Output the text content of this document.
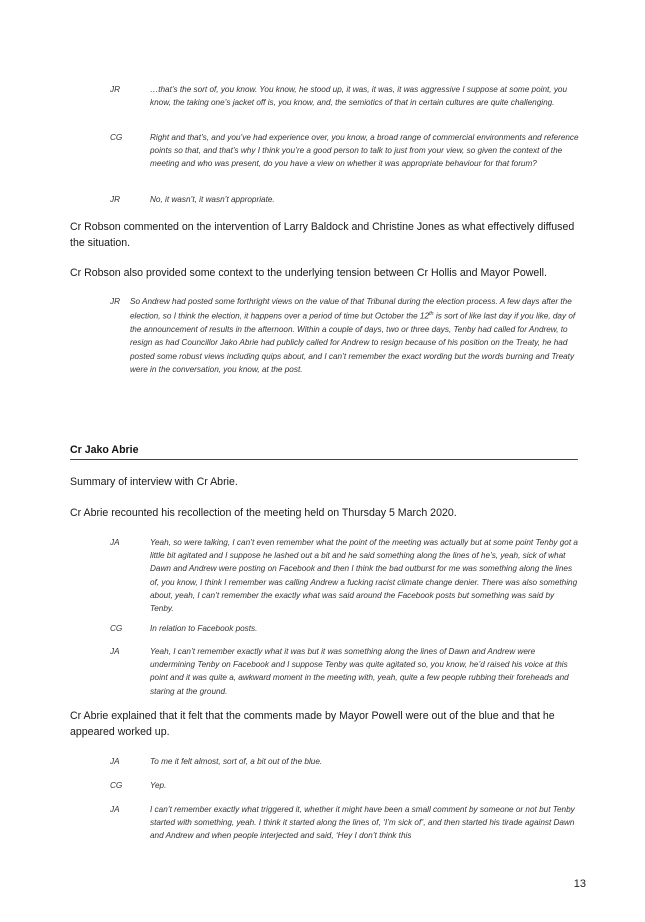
JR	…that’s the sort of, you know. You know, he stood up, it was, it was, it was aggressive I suppose at some point, you know, the taking one’s jacket off is, you know, and, the semiotics of that in certain cultures are quite challenging.
CG	Right and that’s, and you’ve had experience over, you know, a broad range of commercial environments and reference points so that, and that’s why I think you’re a good person to talk to just from your view, so given the context of the meeting and who was present, do you have a view on whether it was appropriate behaviour for that forum?
JR	No, it wasn’t, it wasn’t appropriate.
Cr Robson commented on the intervention of Larry Baldock and Christine Jones as what effectively diffused the situation.
Cr Robson also provided some context to the underlying tension between Cr Hollis and Mayor Powell.
JR	So Andrew had posted some forthright views on the value of that Tribunal during the election process. A few days after the election, so I think the election, it happens over a period of time but October the 12th is sort of like last day if you like, day of the announcement of results in the afternoon. Within a couple of days, two or three days, Tenby had called for Andrew, to resign as had Councillor Jako Abrie had publicly called for Andrew to resign because of his position on the Treaty, he had posted some robust views including quips about, and I can’t remember the exact wording but the words burning and Treaty were in the conversation, you know, at the post.
Cr Jako Abrie
Summary of interview with Cr Abrie.
Cr Abrie recounted his recollection of the meeting held on Thursday 5 March 2020.
JA	Yeah, so were talking, I can’t even remember what the point of the meeting was actually but at some point Tenby got a little bit agitated and I suppose he lashed out a bit and he said something along the lines of he’s, yeah, sick of what Dawn and Andrew were posting on Facebook and then I think the bad outburst for me was something along the lines of, you know, I think I remember was calling Andrew a fucking racist climate change denier. There was also something about, yeah, I can’t remember the exactly what was said around the Facebook posts but something was said by Tenby.
CG	In relation to Facebook posts.
JA	Yeah, I can’t remember exactly what it was but it was something along the lines of Dawn and Andrew were undermining Tenby on Facebook and I suppose Tenby was quite agitated so, you know, he’d raised his voice at this point and it was quite a, awkward moment in the meeting with, yeah, quite a few people rubbing their foreheads and staring at the ground.
Cr Abrie explained that it felt that the comments made by Mayor Powell were out of the blue and that he appeared worked up.
JA	To me it felt almost, sort of, a bit out of the blue.
CG	Yep.
JA	I can’t remember exactly what triggered it, whether it might have been a small comment by someone or not but Tenby started with something, yeah. I think it started along the lines of, ‘I’m sick of’, and then started his tirade against Dawn and Andrew and when people interjected and said, ‘Hey I don’t think this
13
